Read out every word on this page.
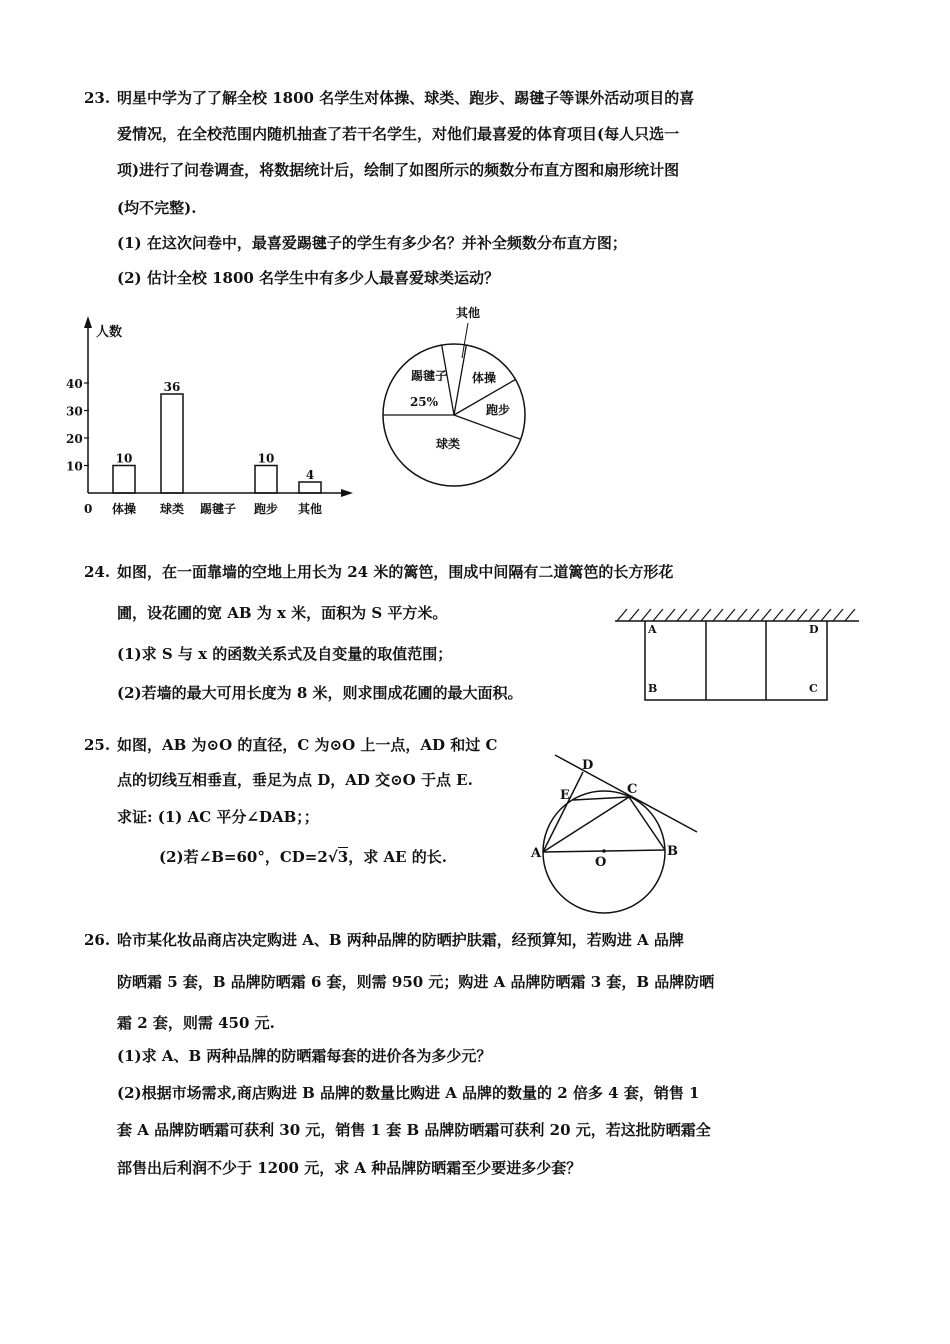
23. 明星中学为了了解全校 1800 名学生对体操、球类、跑步、踢毽子等课外活动项目的喜
爱情况，在全校范围内随机抽查了若干名学生，对他们最喜爱的体育项目(每人只选一
项)进行了问卷调查，将数据统计后，绘制了如图所示的频数分布直方图和扇形统计图
(均不完整).
(1) 在这次问卷中，最喜爱踢毽子的学生有多少名？并补全频数分布直方图；
(2) 估计全校 1800 名学生中有多少人最喜爱球类运动？
人数
0
10
20
30
40
体操
10
球类
36
踢毽子 跑步
10
其他
4
其他
体操
跑步
球类
踢毽子
25%
24. 如图，在一面靠墙的空地上用长为 24 米的篱笆，围成中间隔有二道篱笆的长方形花
圃，设花圃的宽 AB 为 x 米，面积为 S 平方米。
(1)求 S 与 x 的函数关系式及自变量的取值范围；
(2)若墙的最大可用长度为 8 米，则求围成花圃的最大面积。
A	D
B	C
25. 如图，AB 为⊙O 的直径，C 为⊙O 上一点，AD 和过 C
点的切线互相垂直，垂足为点 D，AD 交⊙O 于点 E.
求证: (1) AC 平分∠DAB；；
(2)若∠B=60°，CD=2√3，求 AE 的长.
D
E	C
A	B
O
26. 哈市某化妆品商店决定购进 A、B 两种品牌的防晒护肤霜，经预算知，若购进 A 品牌
防晒霜 5 套，B 品牌防晒霜 6 套，则需 950 元；购进 A 品牌防晒霜 3 套，B 品牌防晒
霜 2 套，则需 450 元.
(1)求 A、B 两种品牌的防晒霜每套的进价各为多少元？
(2)根据市场需求,商店购进 B 品牌的数量比购进 A 品牌的数量的 2 倍多 4 套，销售 1
套 A 品牌防晒霜可获利 30 元，销售 1 套 B 品牌防晒霜可获利 20 元，若这批防晒霜全
部售出后利润不少于 1200 元，求 A 种品牌防晒霜至少要进多少套？
